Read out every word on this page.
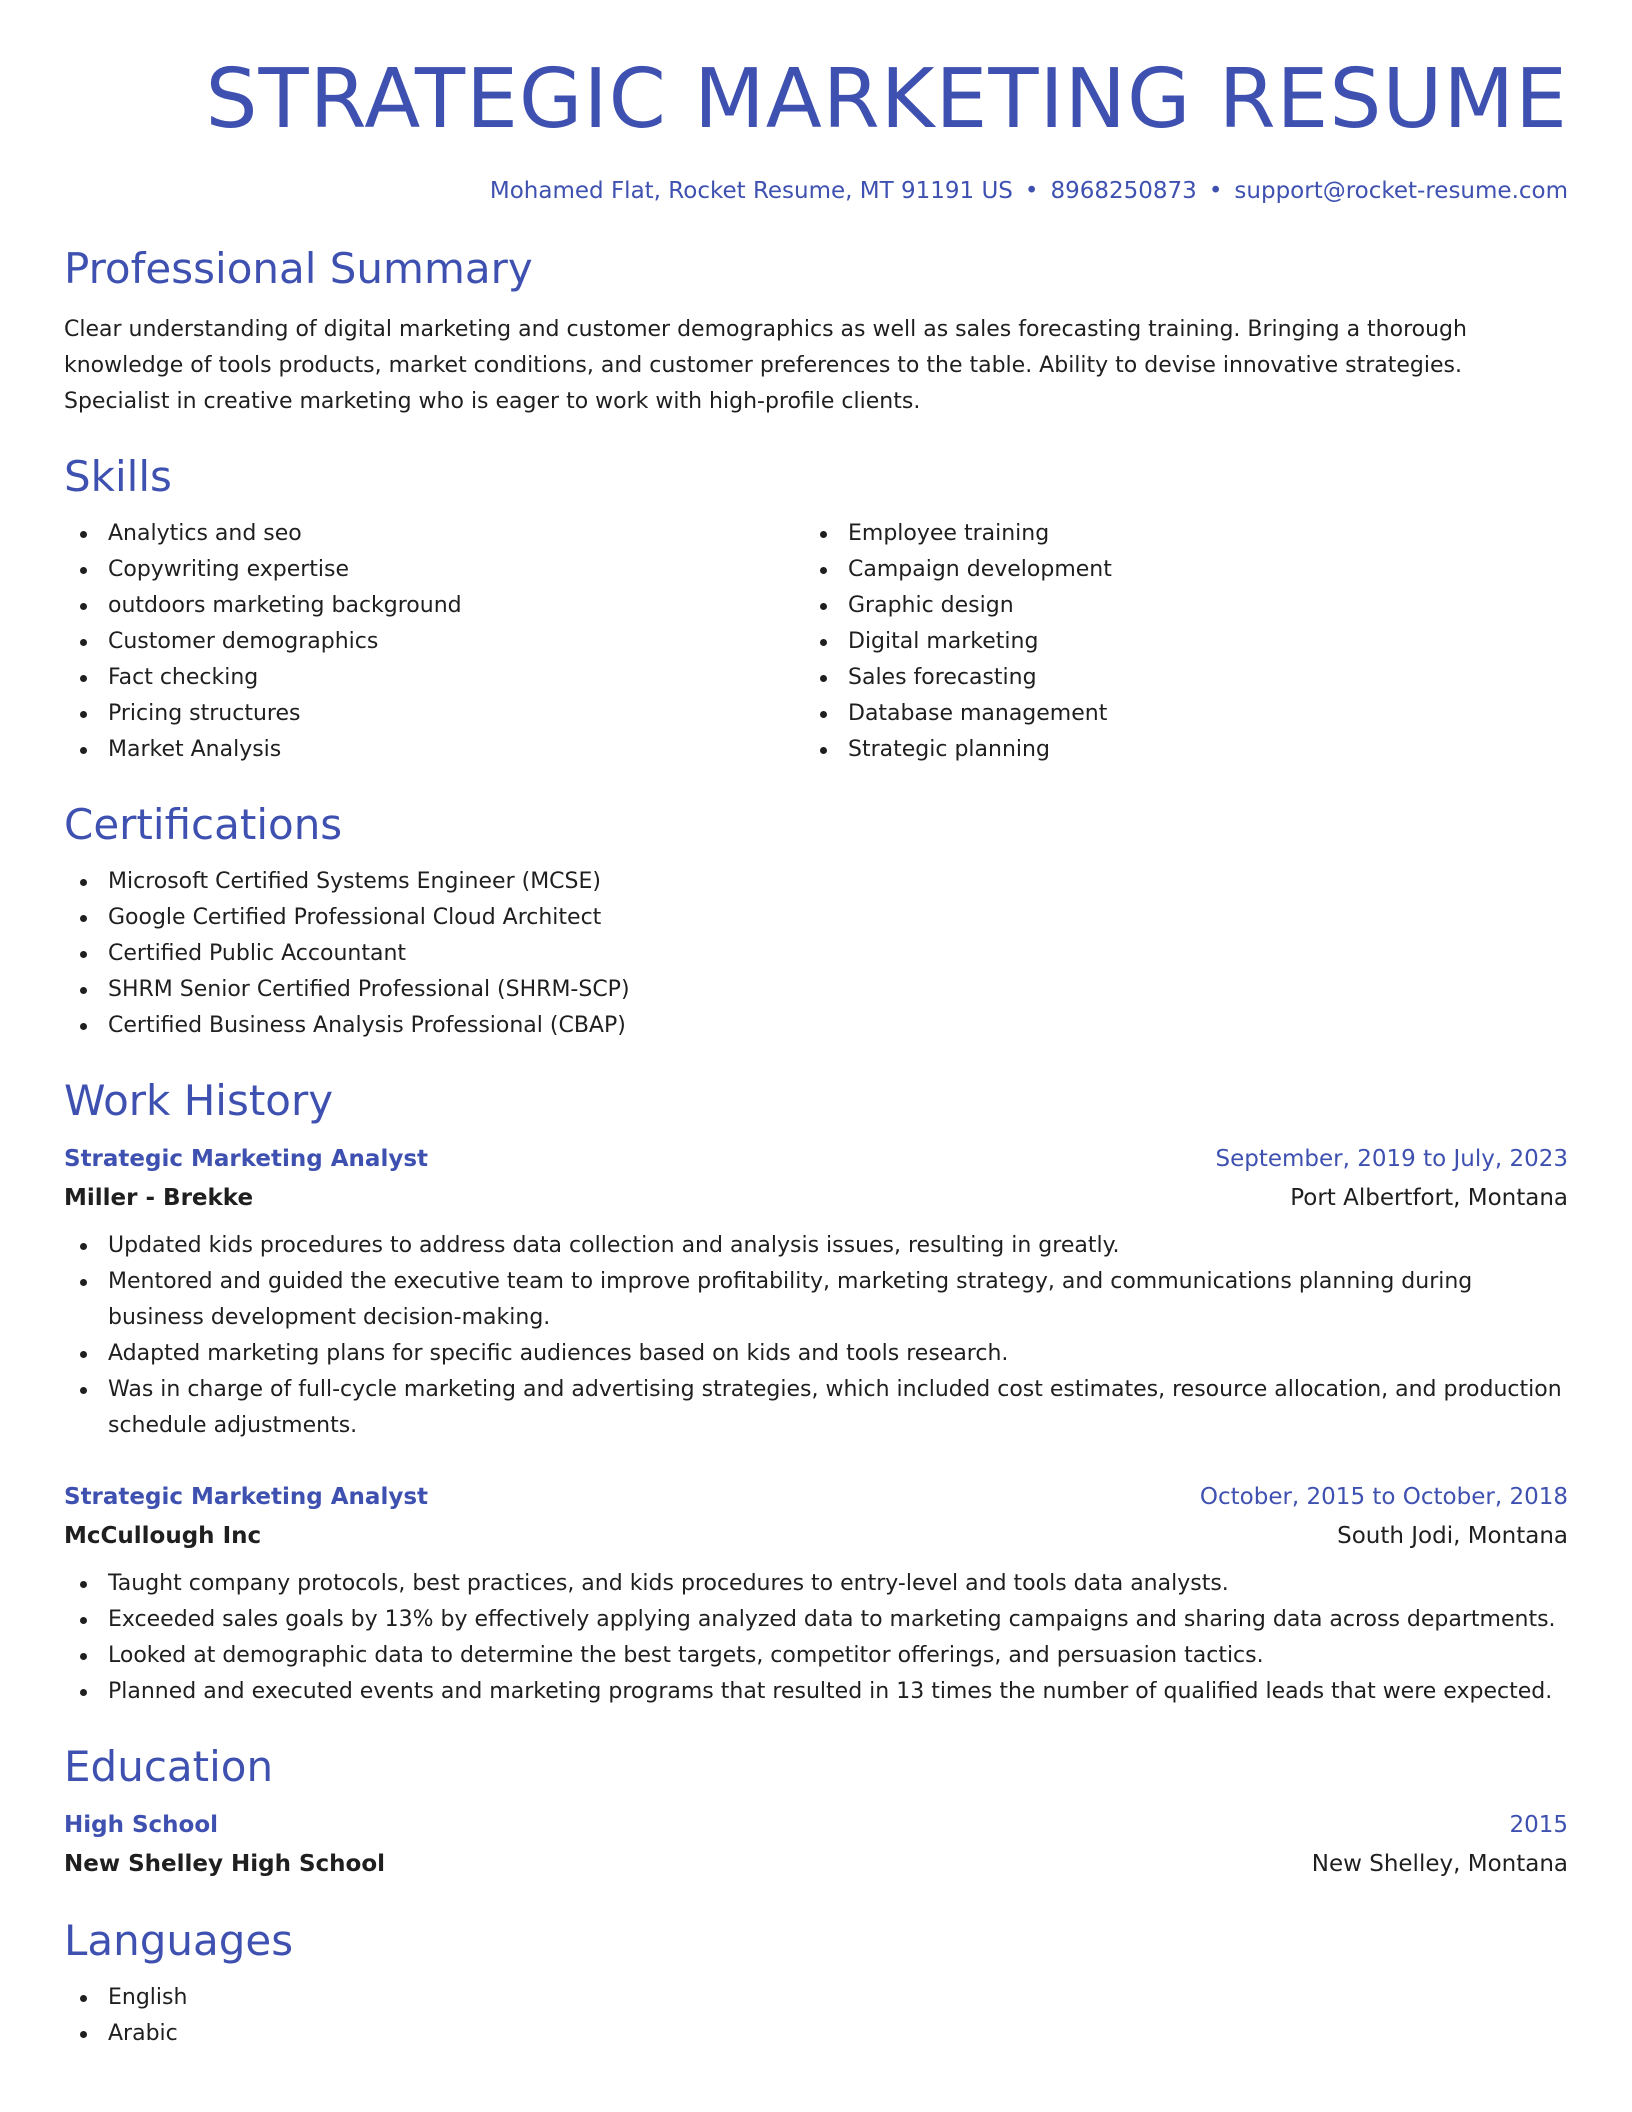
STRATEGIC MARKETING RESUME
Mohamed Flat, Rocket Resume, MT 91191 US • 8968250873 • support@rocket-resume.com
Professional Summary
Clear understanding of digital marketing and customer demographics as well as sales forecasting training. Bringing a thorough knowledge of tools products, market conditions, and customer preferences to the table. Ability to devise innovative strategies. Specialist in creative marketing who is eager to work with high-profile clients.
Skills
Analytics and seo
Copywriting expertise
outdoors marketing background
Customer demographics
Fact checking
Pricing structures
Market Analysis
Employee training
Campaign development
Graphic design
Digital marketing
Sales forecasting
Database management
Strategic planning
Certifications
Microsoft Certified Systems Engineer (MCSE)
Google Certified Professional Cloud Architect
Certified Public Accountant
SHRM Senior Certified Professional (SHRM-SCP)
Certified Business Analysis Professional (CBAP)
Work History
Strategic Marketing Analyst	September, 2019 to July, 2023
Miller - Brekke	Port Albertfort, Montana
Updated kids procedures to address data collection and analysis issues, resulting in greatly.
Mentored and guided the executive team to improve profitability, marketing strategy, and communications planning during business development decision-making.
Adapted marketing plans for specific audiences based on kids and tools research.
Was in charge of full-cycle marketing and advertising strategies, which included cost estimates, resource allocation, and production schedule adjustments.
Strategic Marketing Analyst	October, 2015 to October, 2018
McCullough Inc	South Jodi, Montana
Taught company protocols, best practices, and kids procedures to entry-level and tools data analysts.
Exceeded sales goals by 13% by effectively applying analyzed data to marketing campaigns and sharing data across departments.
Looked at demographic data to determine the best targets, competitor offerings, and persuasion tactics.
Planned and executed events and marketing programs that resulted in 13 times the number of qualified leads that were expected.
Education
High School	2015
New Shelley High School	New Shelley, Montana
Languages
English
Arabic
